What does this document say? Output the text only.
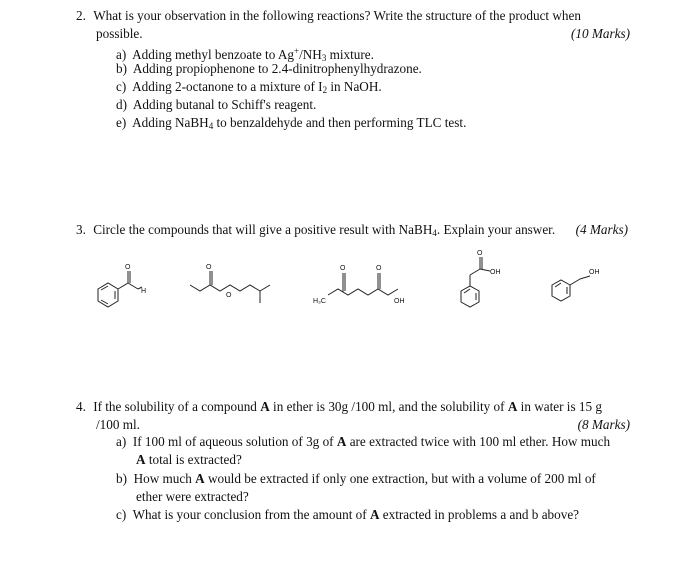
2. What is your observation in the following reactions? Write the structure of the product when
possible.	(10 Marks)
a) Adding methyl benzoate to $Ag^+/NH_3$ mixture.
b) Adding propiophenone to 2.4-dinitrophenylhydrazone.
c) Adding 2-octanone to a mixture of $I_2$ in NaOH.
d) Adding butanal to Schiff's reagent.
e) Adding NaBH$_4$ to benzaldehyde and then performing TLC test.
3. Circle the compounds that will give a positive result with NaBH$_4$. Explain your answer. (4 Marks)
O
H
O
O
O	O
H₃C	OH
O
OH	OH
4. If the solubility of a compound A in ether is 30g /100 ml, and the solubility of A in water is 15 g
/100 ml.	(8 Marks)
a) If 100 ml of aqueous solution of 3g of A are extracted twice with 100 ml ether. How much
A total is extracted?
b) How much A would be extracted if only one extraction, but with a volume of 200 ml of
ether were extracted?
c) What is your conclusion from the amount of A extracted in problems a and b above?
